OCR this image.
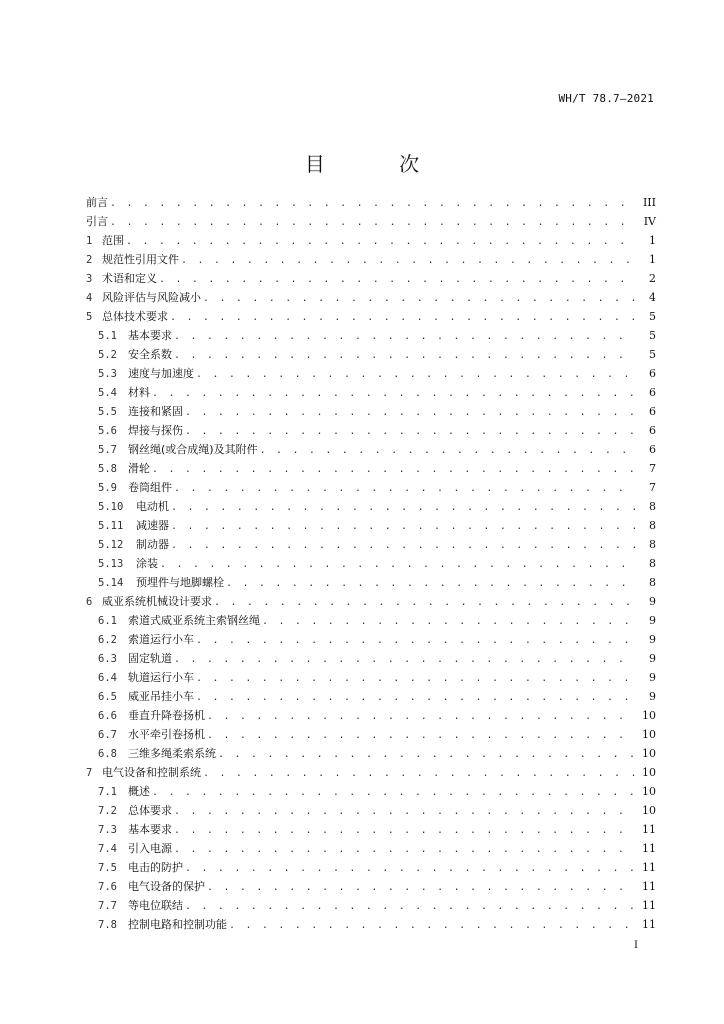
WH/T 78.7—2021
目 次
前言 . . .	III
引言 . . .	IV
1 范围 . . .	1
2 规范性引用文件 . . .	1
3 术语和定义 . . .	2
4 风险评估与风险减小 . . .	4
5 总体技术要求 . . .	5
5.1	基本要求 . . .	5
5.2	安全系数 . . .	5
5.3	速度与加速度 . . .	6
5.4	材料 . . .	6
5.5	连接和紧固 . . .	6
5.6	焊接与探伤 . . .	6
5.7	钢丝绳(或合成绳)及其附件 . . .	6
5.8	滑轮 . . .	7
5.9	卷筒组件 . . .	7
5.10	电动机 . . .	8
5.11	减速器 . . .	8
5.12	制动器 . . .	8
5.13	涂装 . . .	8
5.14	预埋件与地脚螺栓 . . .	8
6 威亚系统机械设计要求 . . .	9
6.1	索道式威亚系统主索钢丝绳 . . .	9
6.2	索道运行小车 . . .	9
6.3	固定轨道 . . .	9
6.4	轨道运行小车 . . .	9
6.5	威亚吊挂小车 . . .	9
6.6	垂直升降卷扬机 . . .	10
6.7	水平牵引卷扬机 . . .	10
6.8	三维多绳柔索系统 . . .	10
7 电气设备和控制系统 . . .	10
7.1	概述 . . .	10
7.2	总体要求 . . .	10
7.3	基本要求 . . .	11
7.4	引入电源 . . .	11
7.5	电击的防护 . . .	11
7.6	电气设备的保护 . . .	11
7.7	等电位联结 . . .	11
7.8	控制电路和控制功能 . . .	11
I
